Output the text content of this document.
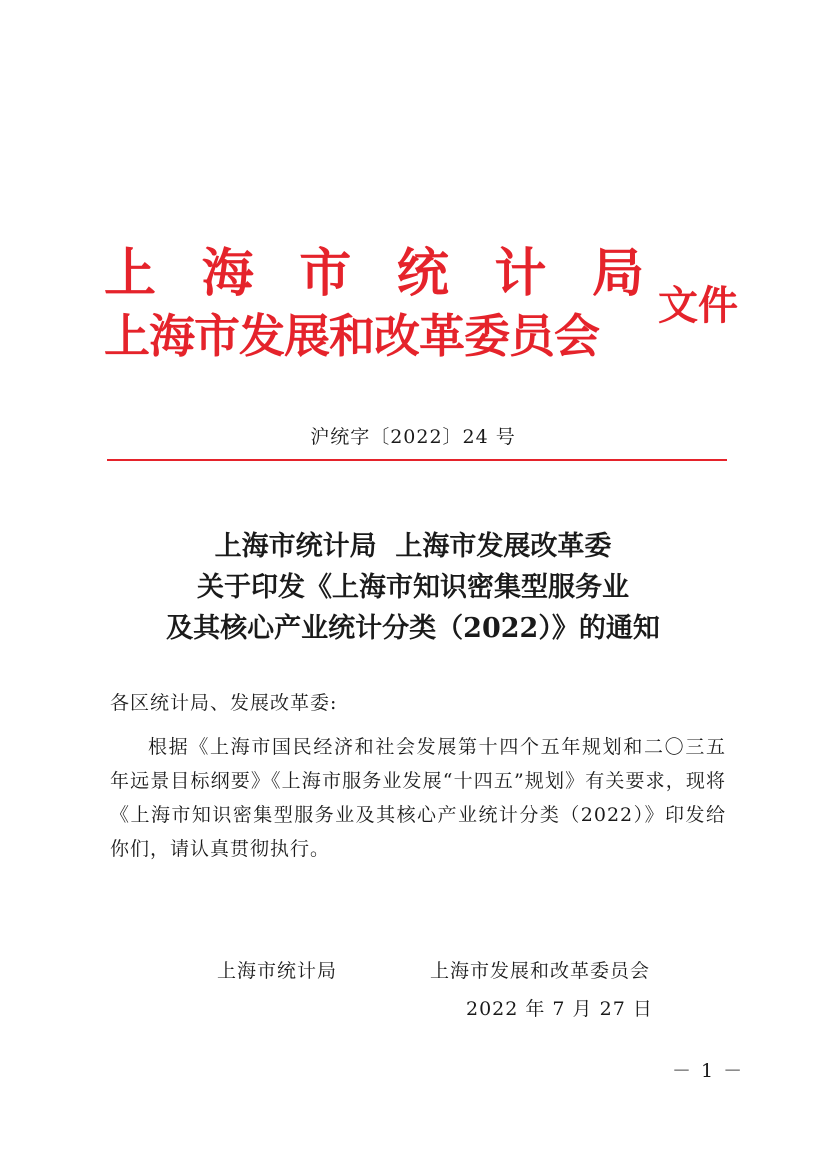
上 海 市 统 计 局
上海市发展和改革委员会
文件
沪统字〔2022〕24 号
上海市统计局  上海市发展改革委
关于印发《上海市知识密集型服务业
及其核心产业统计分类（2022）》的通知
各区统计局、发展改革委:
根据《上海市国民经济和社会发展第十四个五年规划和二〇三五年远景目标纲要》《上海市服务业发展“十四五”规划》有关要求，现将《上海市知识密集型服务业及其核心产业统计分类（2022）》印发给你们，请认真贯彻执行。
上海市统计局	上海市发展和改革委员会
2022 年 7 月 27 日
－ 1 －
